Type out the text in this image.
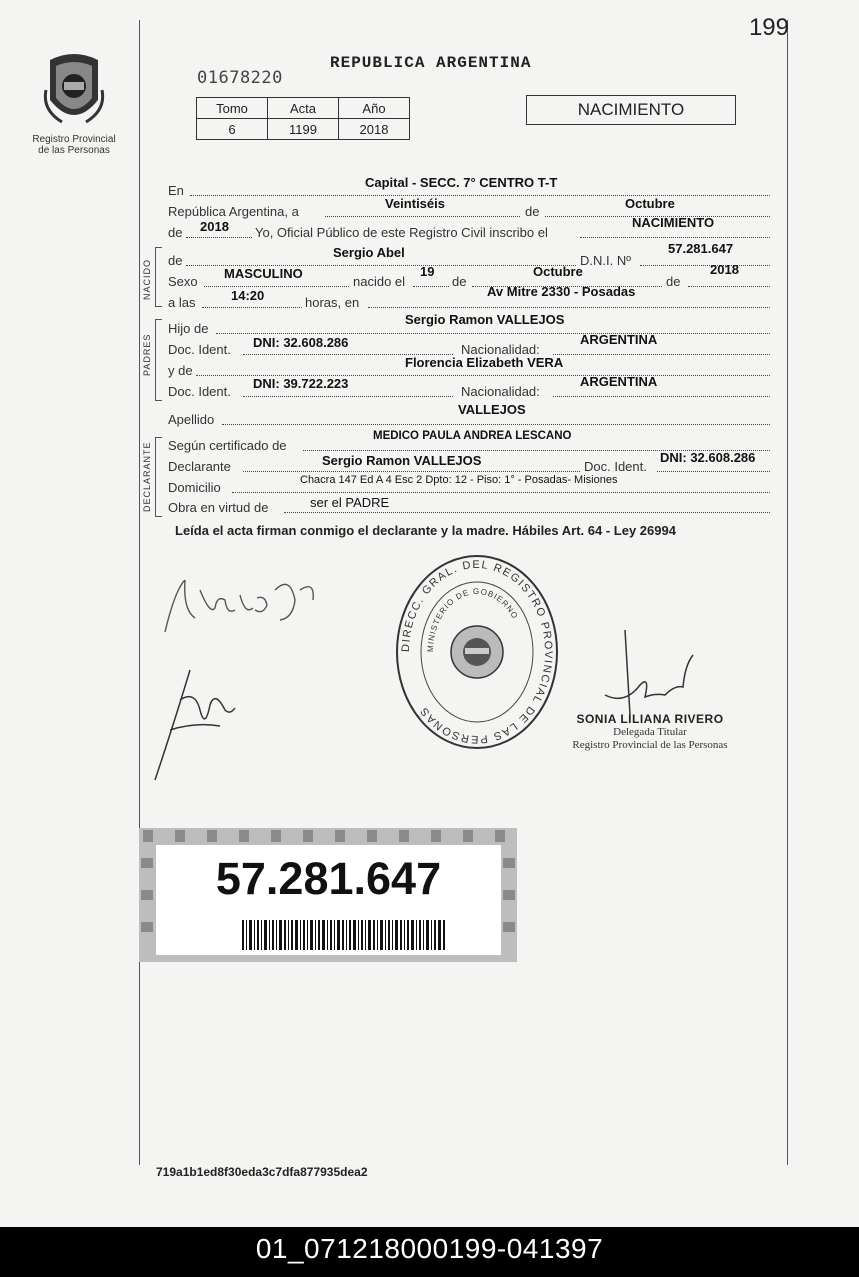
199
Registro Provincial
de las Personas
01678220
REPUBLICA ARGENTINA
Tomo	Acta	Año
6	1199	2018
NACIMIENTO
En
Capital - SECC. 7° CENTRO T-T
República Argentina, a
Veintiséis
de
Octubre
de 2018 Yo, Oficial Público de este Registro Civil inscribo el
NACIMIENTO
NACIDO de
Sergio Abel
D.N.I. Nº
57.281.647
Sexo
MASCULINO
nacido el
19
de
Octubre
de
2018
a las	14:20	horas, en
Av Mitre 2330 - Posadas
PADRES
Hijo de
Sergio Ramon VALLEJOS
Doc. Ident. DNI: 32.608.286	Nacionalidad:
ARGENTINA
y de
Florencia Elizabeth VERA
Doc. Ident.
DNI: 39.722.223
Nacionalidad:
ARGENTINA
Apellido
VALLEJOS
DECLARANTE Según certificado de
MEDICO PAULA ANDREA LESCANO
Declarante	Sergio Ramon VALLEJOS	Doc. Ident.
DNI: 32.608.286
Domicilio	Chacra 147 Ed A 4 Esc 2 Dpto: 12 - Piso: 1° - Posadas- Misiones
Obra en virtud de	ser el PADRE
Leída el acta firman conmigo el declarante y la madre. Hábiles Art. 64 - Ley 26994
DIRECC. GRAL. DEL REGISTRO PROVINCIAL DE LAS PERSONAS
MINISTERIO DE GOBIERNO
SONIA LILIANA RIVERO
Delegada Titular
Registro Provincial de las Personas
57.281.647
719a1b1ed8f30eda3c7dfa877935dea2
01_071218000199-041397
